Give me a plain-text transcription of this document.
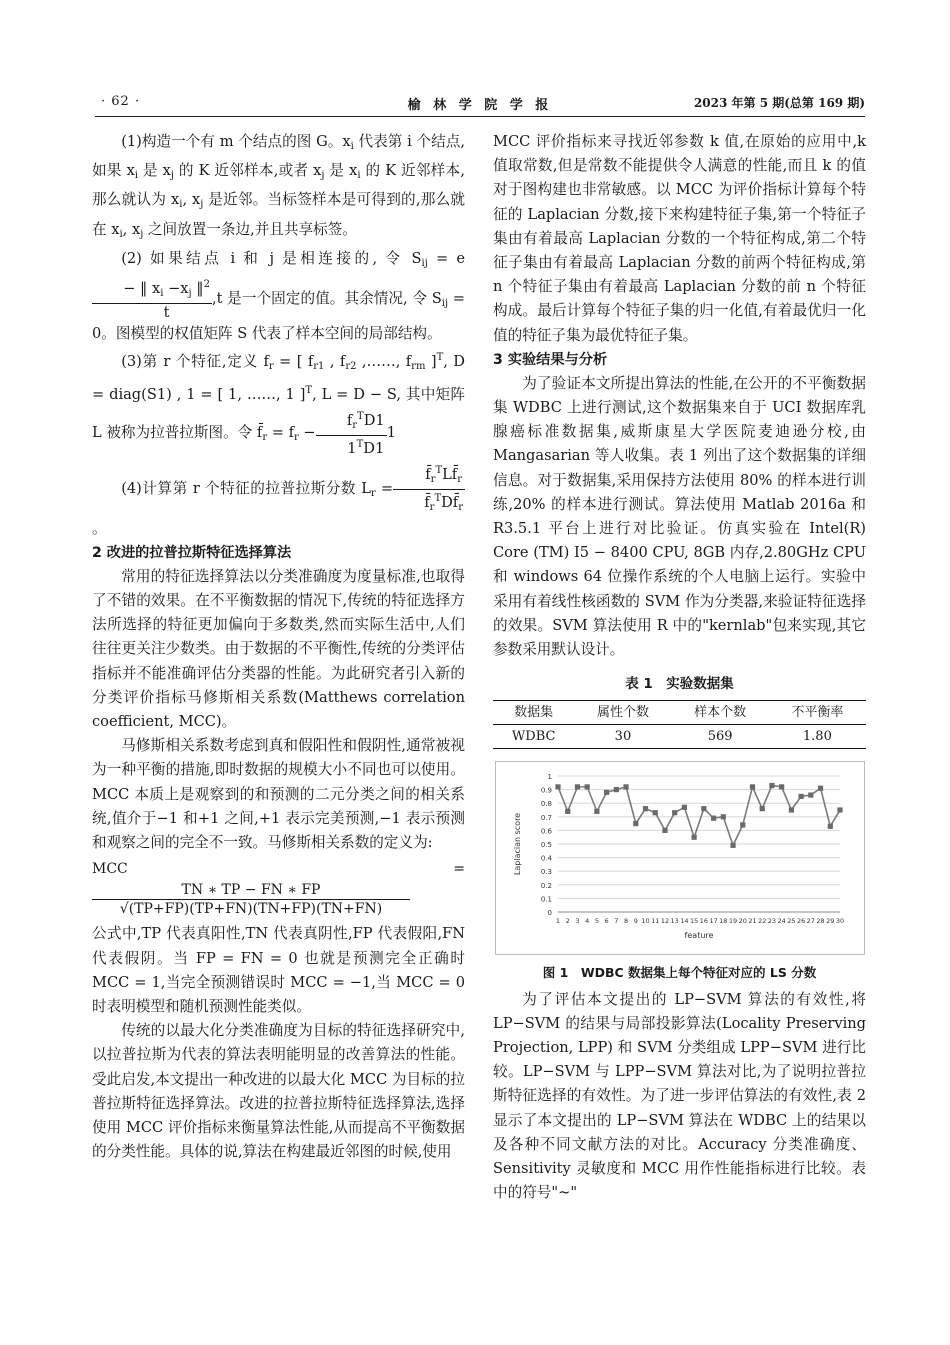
· 62 ·	榆 林 学 院 学 报	2023 年第 5 期(总第 169 期)

(1)构造一个有 m 个结点的图 G。$x_i$ 代表第 i 个结点,如果 $x_i$ 是 $x_j$ 的 K 近邻样本,或者 $x_j$ 是 $x_i$ 的 K 近邻样本,那么就认为 $x_i$, $x_j$ 是近邻。当标签样本是可得到的,那么就在 $x_i$, $x_j$ 之间放置一条边,并且共享标签。

(2) 如果结点 i 和 j 是相连接的, 令 $S_{ij} = e$
$\frac{- ‖ x_i -x_j ‖^2}{t} ,t$ 是一个固定的值。其余情况, 令 $S_{ij} = 0$。图模型的权值矩阵 S 代表了样本空间的局部结构。

(3)第 r 个特征,定义 $f_r$ = [ $f_{r1}$ , $f_{r2}$ ,……, $f_{rm}$ ]$^T$, D = diag(S1) , 1 = [ 1, ……, 1 ]$^T$, L = D − S, 其中矩阵 L 被称为拉普拉斯图。令 $f̄_r = f_r - \frac{f_r^TD1}{1^TD1} 1$

(4)计算第 r 个特征的拉普拉斯分数 $L_r = \frac{f̄_r^TLf̄_r}{f̄_r^TDf̄_r}$
。

2 改进的拉普拉斯特征选择算法

常用的特征选择算法以分类准确度为度量标准,也取得了不错的效果。在不平衡数据的情况下,传统的特征选择方法所选择的特征更加偏向于多数类,然而实际生活中,人们往往更关注少数类。由于数据的不平衡性,传统的分类评估指标并不能准确评估分类器的性能。为此研究者引入新的分类评价指标马修斯相关系数(Matthews correlation coefficient, MCC)。

马修斯相关系数考虑到真和假阳性和假阴性,通常被视为一种平衡的措施,即时数据的规模大小不同也可以使用。MCC 本质上是观察到的和预测的二元分类之间的相关系统,值介于−1 和+1 之间,+1 表示完美预测,−1 表示预测和观察之间的完全不一致。马修斯相关系数的定义为:

MCC =
$\frac{TN ∗ TP - FN ∗ FP}{√(TP+FP)(TP+FN)(TN+FP)(TN+FN)}$

公式中,TP 代表真阳性,TN 代表真阴性,FP 代表假阳,FN 代表假阴。当 FP = FN = 0 也就是预测完全正确时 MCC = 1,当完全预测错误时 MCC = −1,当 MCC = 0 时表明模型和随机预测性能类似。

传统的以最大化分类准确度为目标的特征选择研究中,以拉普拉斯为代表的算法表明能明显的改善算法的性能。受此启发,本文提出一种改进的以最大化 MCC 为目标的拉普拉斯特征选择算法。改进的拉普拉斯特征选择算法,选择使用 MCC 评价指标来衡量算法性能,从而提高不平衡数据的分类性能。具体的说,算法在构建最近邻图的时候,使用

MCC 评价指标来寻找近邻参数 k 值,在原始的应用中,k 值取常数,但是常数不能提供令人满意的性能,而且 k 的值对于图构建也非常敏感。以 MCC 为评价指标计算每个特征的 Laplacian 分数,接下来构建特征子集,第一个特征子集由有着最高 Laplacian 分数的一个特征构成,第二个特征子集由有着最高 Laplacian 分数的前两个特征构成,第 n 个特征子集由有着最高 Laplacian 分数的前 n 个特征构成。最后计算每个特征子集的归一化值,有着最优归一化值的特征子集为最优特征子集。

3 实验结果与分析

为了验证本文所提出算法的性能,在公开的不平衡数据集 WDBC 上进行测试,这个数据集来自于 UCI 数据库乳腺癌标准数据集,威斯康星大学医院麦迪逊分校,由 Mangasarian 等人收集。表 1 列出了这个数据集的详细信息。对于数据集,采用保持方法使用 80% 的样本进行训练,20% 的样本进行测试。算法使用 Matlab 2016a 和 R3.5.1 平台上进行对比验证。仿真实验在 Intel(R) Core (TM) I5 − 8400 CPU, 8GB 内存,2.80GHz CPU 和 windows 64 位操作系统的个人电脑上运行。实验中采用有着线性核函数的 SVM 作为分类器,来验证特征选择的效果。SVM 算法使用 R 中的"kernlab"包来实现,其它参数采用默认设计。

表 1　实验数据集
数据集	属性个数	样本个数	不平衡率
WDBC	30	569	1.80
0
0.1
0.2
0.3
0.4
0.5
0.6
0.7
0.8
0.9
1
1 2 3 4 5 6 7 8 9 10 11 12 13 14 15 16 17 18 19 20 21 22 23 24 25 26 27 28 29 30
feature
Laplacian score
图 1　WDBC 数据集上每个特征对应的 LS 分数

为了评估本文提出的 LP−SVM 算法的有效性,将 LP−SVM 的结果与局部投影算法(Locality Preserving Projection, LPP) 和 SVM 分类组成 LPP−SVM 进行比较。LP−SVM 与 LPP−SVM 算法对比,为了说明拉普拉斯特征选择的有效性。为了进一步评估算法的有效性,表 2 显示了本文提出的 LP−SVM 算法在 WDBC 上的结果以及各种不同文献方法的对比。Accuracy 分类准确度、Sensitivity 灵敏度和 MCC 用作性能指标进行比较。表中的符号"~"
